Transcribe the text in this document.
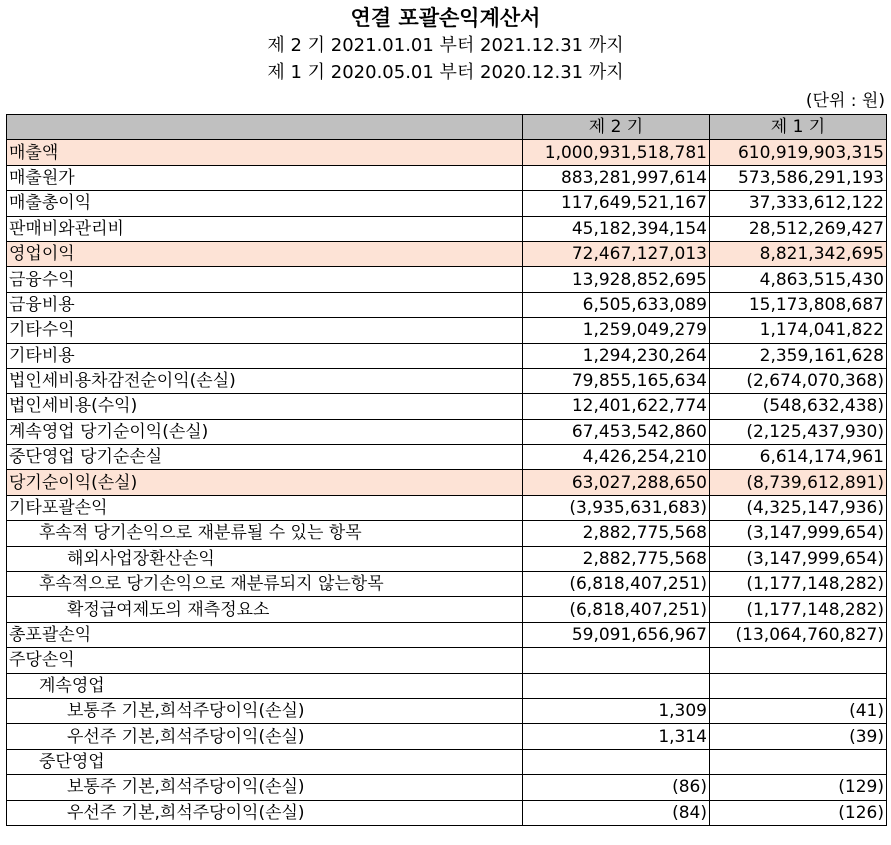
연결 포괄손익계산서
제 2 기 2021.01.01 부터 2021.12.31 까지
제 1 기 2020.05.01 부터 2020.12.31 까지
(단위 : 원)
	제 2 기	제 1 기
매출액	1,000,931,518,781	610,919,903,315
매출원가	883,281,997,614	573,586,291,193
매출총이익	117,649,521,167	37,333,612,122
판매비와관리비	45,182,394,154	28,512,269,427
영업이익	72,467,127,013	8,821,342,695
금융수익	13,928,852,695	4,863,515,430
금융비용	6,505,633,089	15,173,808,687
기타수익	1,259,049,279	1,174,041,822
기타비용	1,294,230,264	2,359,161,628
법인세비용차감전순이익(손실)	79,855,165,634	(2,674,070,368)
법인세비용(수익)	12,401,622,774	(548,632,438)
계속영업 당기순이익(손실)	67,453,542,860	(2,125,437,930)
중단영업 당기순손실	4,426,254,210	6,614,174,961
당기순이익(손실)	63,027,288,650	(8,739,612,891)
기타포괄손익	(3,935,631,683)	(4,325,147,936)
후속적 당기손익으로 재분류될 수 있는 항목	2,882,775,568	(3,147,999,654)
해외사업장환산손익	2,882,775,568	(3,147,999,654)
후속적으로 당기손익으로 재분류되지 않는항목	(6,818,407,251)	(1,177,148,282)
확정급여제도의 재측정요소	(6,818,407,251)	(1,177,148,282)
총포괄손익	59,091,656,967	(13,064,760,827)
주당손익		
계속영업		
보통주 기본,희석주당이익(손실)	1,309	(41)
우선주 기본,희석주당이익(손실)	1,314	(39)
중단영업		
보통주 기본,희석주당이익(손실)	(86)	(129)
우선주 기본,희석주당이익(손실)	(84)	(126)
